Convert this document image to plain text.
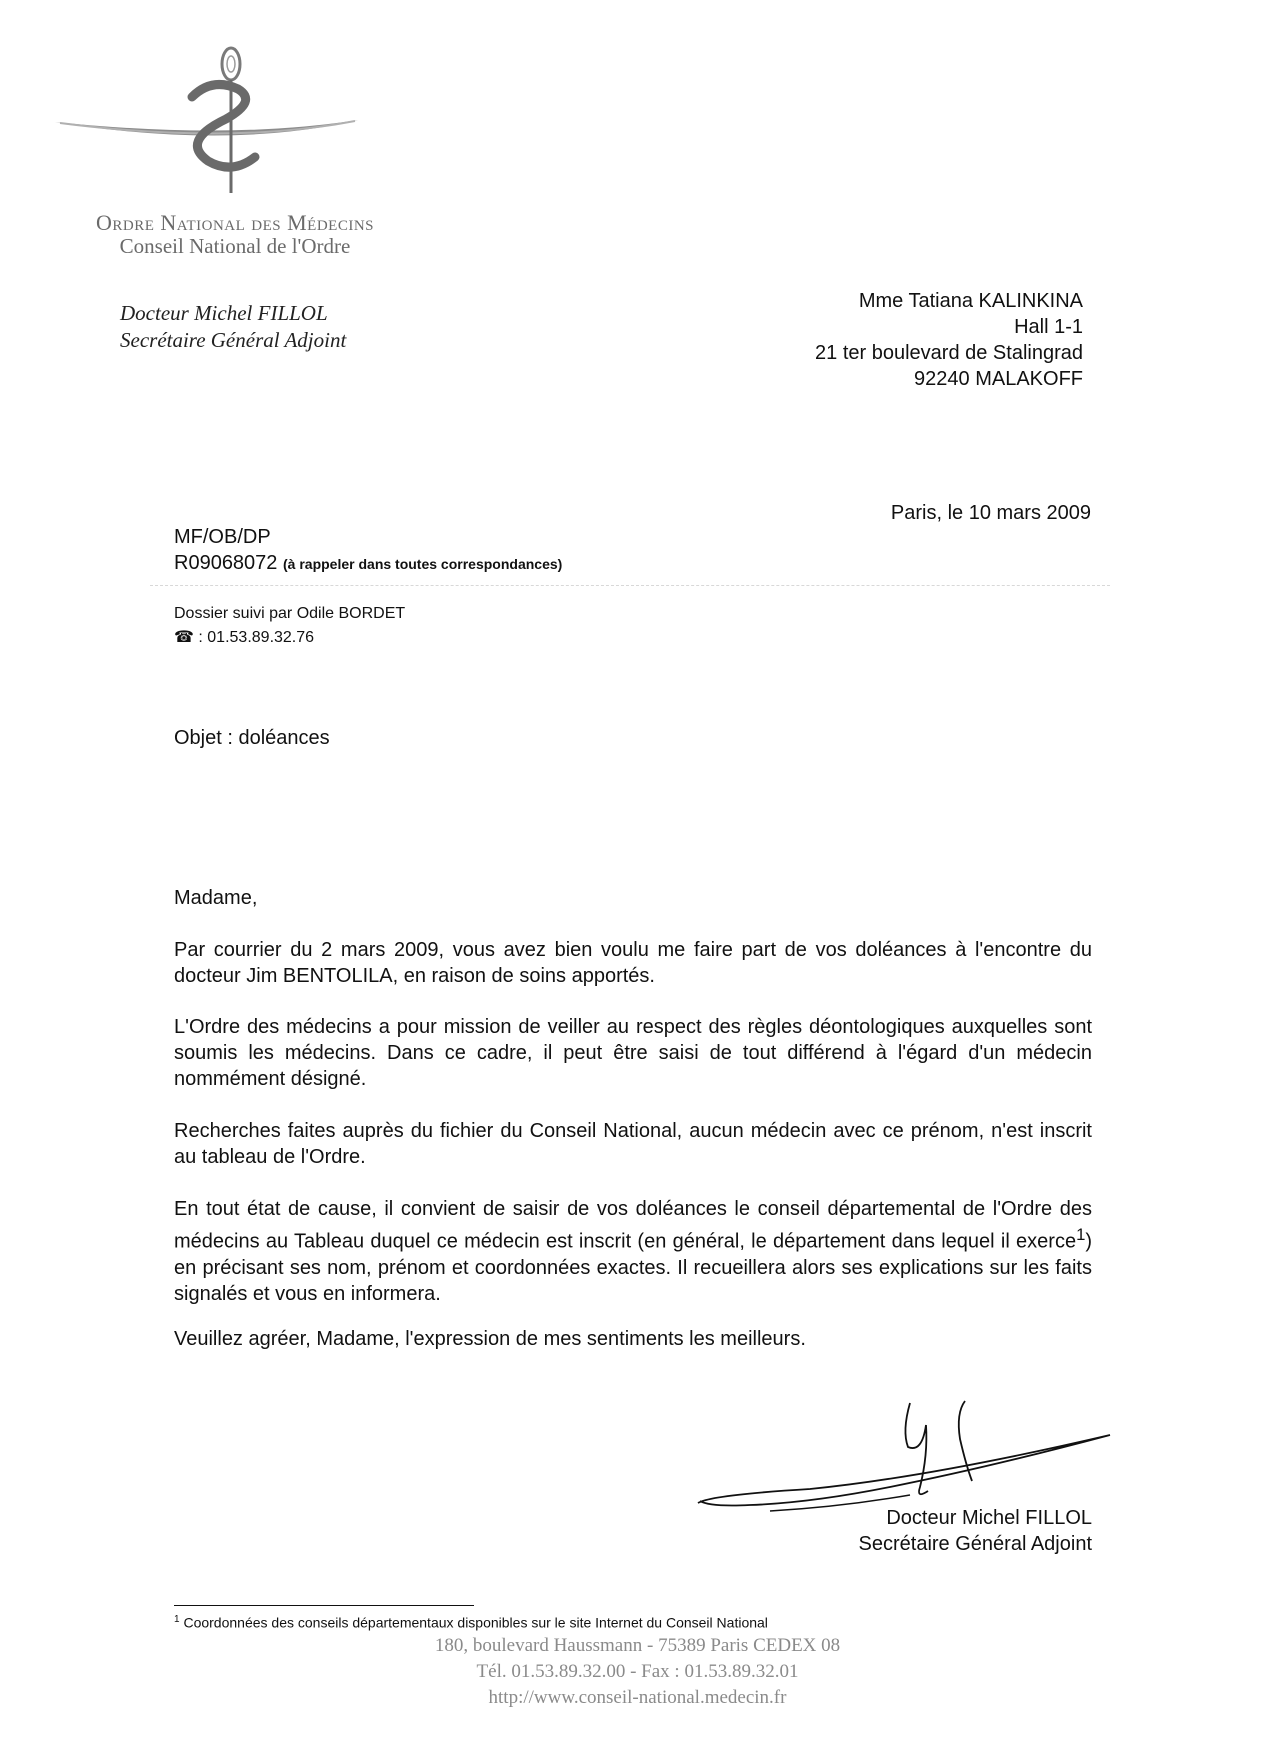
Ordre National des Médecins
Conseil National de l'Ordre
Docteur Michel FILLOL
Secrétaire Général Adjoint
Mme Tatiana KALINKINA
Hall 1-1
21 ter boulevard de Stalingrad
92240 MALAKOFF
Paris, le 10 mars 2009
MF/OB/DP
R09068072 (à rappeler dans toutes correspondances)
Dossier suivi par Odile BORDET
☎ : 01.53.89.32.76
Objet : doléances
Madame,
Par courrier du 2 mars 2009, vous avez bien voulu me faire part de vos doléances à l'encontre du docteur Jim BENTOLILA, en raison de soins apportés.
L'Ordre des médecins a pour mission de veiller au respect des règles déontologiques auxquelles sont soumis les médecins. Dans ce cadre, il peut être saisi de tout différend à l'égard d'un médecin nommément désigné.
Recherches faites auprès du fichier du Conseil National, aucun médecin avec ce prénom, n'est inscrit au tableau de l'Ordre.
En tout état de cause, il convient de saisir de vos doléances le conseil départemental de l'Ordre des médecins au Tableau duquel ce médecin est inscrit (en général, le département dans lequel il exerce$^1$) en précisant ses nom, prénom et coordonnées exactes. Il recueillera alors ses explications sur les faits signalés et vous en informera.
Veuillez agréer, Madame, l'expression de mes sentiments les meilleurs.
Docteur Michel FILLOL
Secrétaire Général Adjoint
$^1$ Coordonnées des conseils départementaux disponibles sur le site Internet du Conseil National
180, boulevard Haussmann - 75389 Paris CEDEX 08
Tél. 01.53.89.32.00 - Fax : 01.53.89.32.01
http://www.conseil-national.medecin.fr
